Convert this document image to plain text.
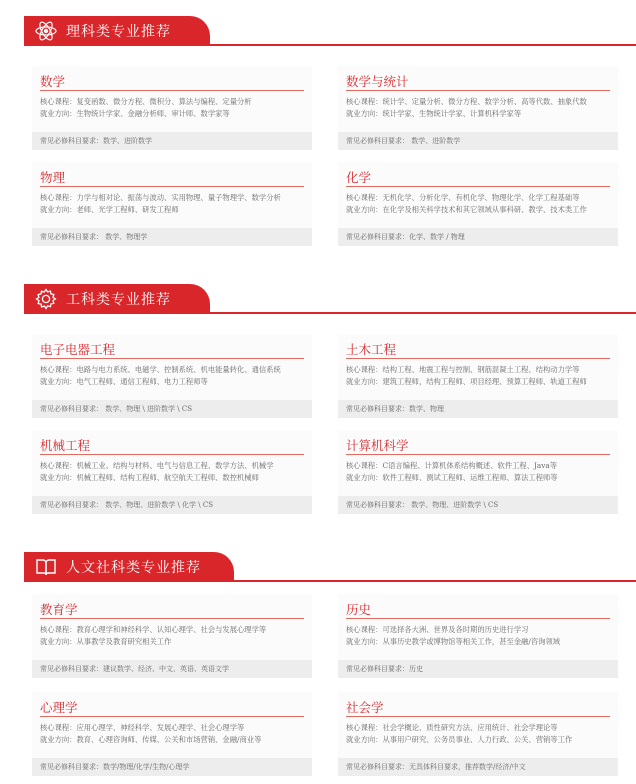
理科类专业推荐
数学
核心课程：复变函数、微分方程、微积分、算法与编程、定量分析
就业方向：生物统计学家、金融分析师、审计师、数学家等
常见必修科目要求：数学、进阶数学
数学与统计
核心课程：统计学、定量分析、微分方程、数学分析、高等代数、抽象代数
就业方向：统计学家、生物统计学家、计算机科学家等
常见必修科目要求： 数学、进阶数学
物理
核心课程：力学与相对论、振荡与波动、实用物理、量子物理学、数学分析
就业方向：老师、光学工程师、研发工程师
常见必修科目要求： 数学、物理学
化学
核心课程：无机化学、分析化学、有机化学、物理化学、化学工程基础等
就业方向：在化学及相关科学技术和其它领域从事科研、教学、技术类工作
常见必修科目要求：化学、数学 / 物理
工科类专业推荐
电子电器工程
核心课程：电路与电力系统、电磁学、控制系统、机电能量转化、通信系统
就业方向：电气工程师、通信工程师、电力工程师等
常见必修科目要求： 数学、物理 \ 进阶数学 \ CS
土木工程
核心课程：结构工程、地震工程与控制、钢筋混凝土工程、结构动力学等
就业方向：建筑工程师，结构工程师、项目经理、预算工程师、轨道工程师
常见必修科目要求：数学、物理
机械工程
核心课程：机械工业、结构与材料、电气与信息工程、数学方法、机械学
就业方向：机械工程师、结构工程师、航空航天工程师、数控机械师
常见必修科目要求： 数学、物理、进阶数学 \ 化学 \ CS
计算机科学
核心课程：C语言编程、计算机体系结构概述、软件工程、Java等
就业方向：软件工程师、测试工程师、运维工程师、算法工程师等
常见必修科目要求： 数学、物理、进阶数学 \ CS
人文社科类专业推荐
教育学
核心课程：教育心理学和神经科学、认知心理学、社会与发展心理学等
就业方向：从事教学及教育研究相关工作
常见必修科目要求：建议数学、经济、中文、英语、英语文学
历史
核心课程：可选择各大洲、世界及各时期的历史进行学习
就业方向：从事历史教学或博物馆等相关工作，甚至金融/咨询领域
常见必修科目要求：历史
心理学
核心课程：应用心理学、神经科学、发展心理学、社会心理学等
就业方向：教育、心理咨询师、传媒、公关和市场营销、金融/商业等
常见必修科目要求：数学/物理/化学/生物/心理学
社会学
核心课程：社会学概论、质性研究方法、应用统计、社会学理论等
就业方向：从事用户研究、公务员事业、人力行政、公关、营销等工作
常见必修科目要求：无具体科目要求，推荐数学/经济/中文
